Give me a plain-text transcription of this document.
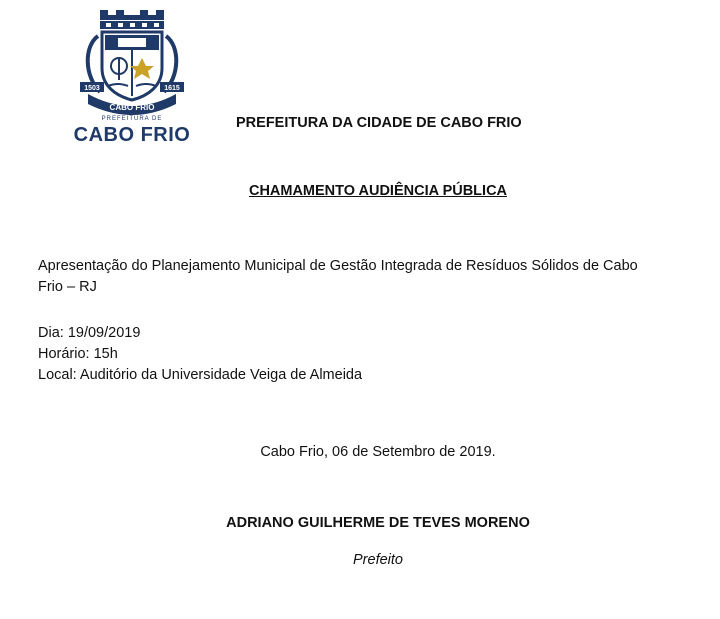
1503	1615
CABO FRIO
PREFEITURA DE
CABO FRIO
PREFEITURA DA CIDADE DE CABO FRIO
CHAMAMENTO AUDIÊNCIA PÚBLICA
Apresentação do Planejamento Municipal de Gestão Integrada de Resíduos Sólidos de Cabo
Frio – RJ
Dia: 19/09/2019
Horário: 15h
Local: Auditório da Universidade Veiga de Almeida
Cabo Frio, 06 de Setembro de 2019.
ADRIANO GUILHERME DE TEVES MORENO
Prefeito
